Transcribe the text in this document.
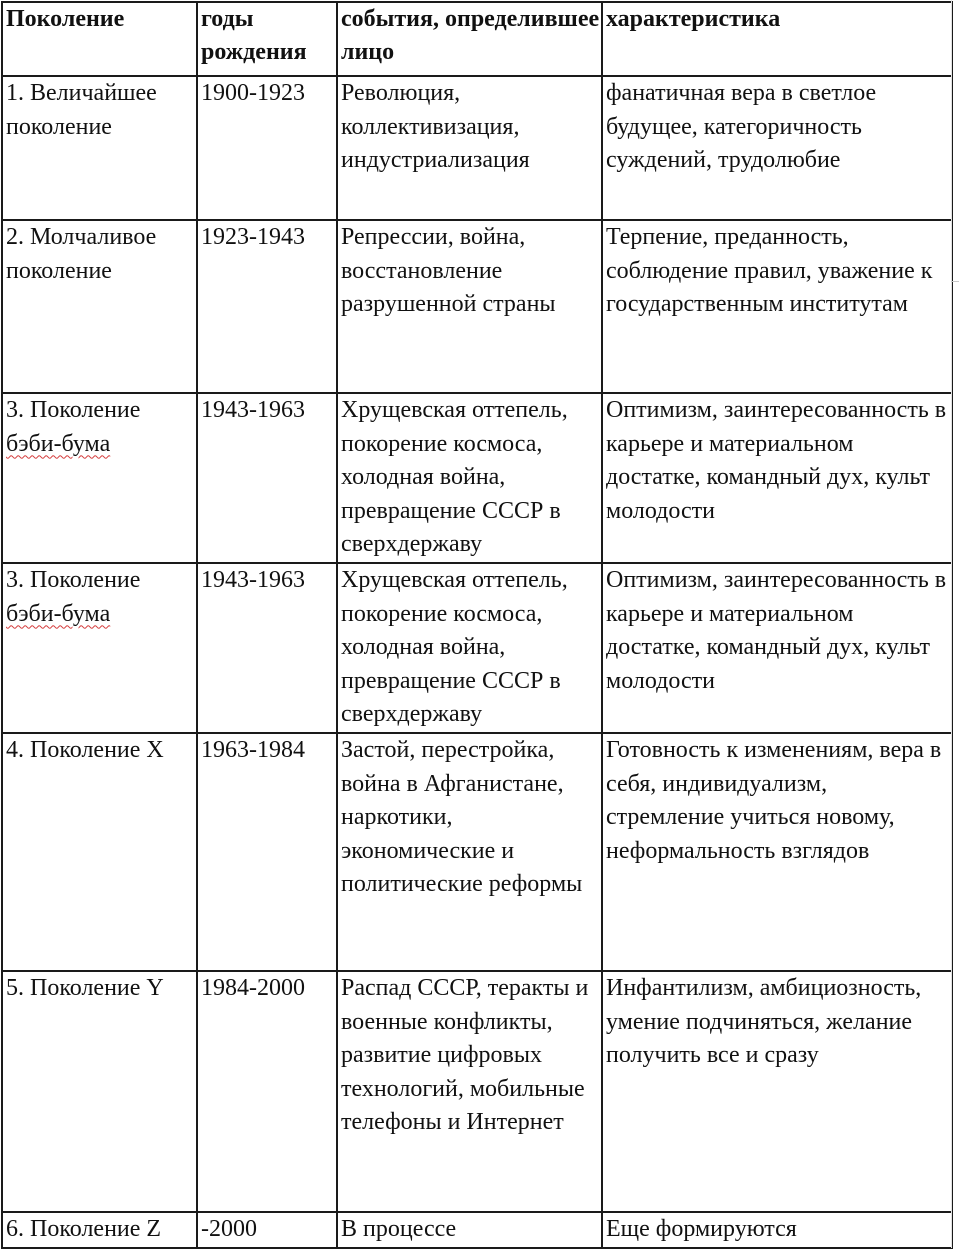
Поколение	годы рождения	события, определившее лицо	характеристика
1. Величайшее поколение	1900-1923	Революция, коллективизация, индустриализация	фанатичная вера в светлое будущее, категоричность суждений, трудолюбие
2. Молчаливое поколение	1923-1943	Репрессии, война, восстановление разрушенной страны	Терпение, преданность, соблюдение правил, уважение к государственным институтам
3. Поколение бэби-бума	1943-1963	Хрущевская оттепель, покорение космоса, холодная война, превращение СССР в сверхдержаву	Оптимизм, заинтересованность в карьере и материальном достатке, командный дух, культ молодости
3. Поколение бэби-бума	1943-1963	Хрущевская оттепель, покорение космоса, холодная война, превращение СССР в сверхдержаву	Оптимизм, заинтересованность в карьере и материальном достатке, командный дух, культ молодости
4. Поколение X	1963-1984	Застой, перестройка, война в Афганистане, наркотики, экономические и политические реформы	Готовность к изменениям, вера в себя, индивидуализм, стремление учиться новому, неформальность взглядов
5. Поколение Y	1984-2000	Распад СССР, теракты и военные конфликты, развитие цифровых технологий, мобильные телефоны и Интернет	Инфантилизм, амбициозность, умение подчиняться, желание получить все и сразу
6. Поколение Z	-2000	В процессе	Еще формируются
